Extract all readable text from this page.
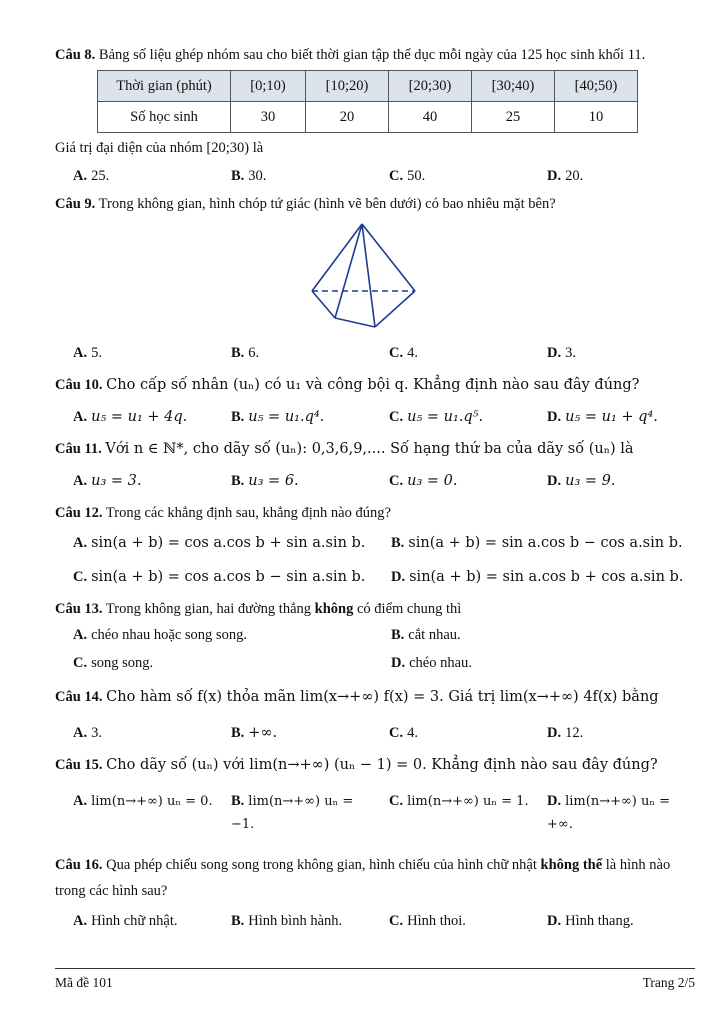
Câu 8. Bảng số liệu ghép nhóm sau cho biết thời gian tập thể dục mỗi ngày của 125 học sinh khối 11.
Thời gian (phút)	[0;10)	[10;20)	[20;30)	[30;40)	[40;50)
Số học sinh	30	20	40	25	10
Giá trị đại diện của nhóm [20;30) là
A. 25.	B. 30.	C. 50.	D. 20.
Câu 9. Trong không gian, hình chóp tứ giác (hình vẽ bên dưới) có bao nhiêu mặt bên?
A. 5.	B. 6.	C. 4.	D. 3.
Câu 10. Cho cấp số nhân (uₙ) có u₁ và công bội q. Khẳng định nào sau đây đúng?
A. u₅ = u₁ + 4q.	B. u₅ = u₁.q⁴.	C. u₅ = u₁.q⁵.	D. u₅ = u₁ + q⁴.
Câu 11. Với n ∈ ℕ*, cho dãy số (uₙ): 0,3,6,9,.... Số hạng thứ ba của dãy số (uₙ) là
A. u₃ = 3.	B. u₃ = 6.	C. u₃ = 0.	D. u₃ = 9.
Câu 12. Trong các khẳng định sau, khẳng định nào đúng?
A. sin(a + b) = cos a.cos b + sin a.sin b.	B. sin(a + b) = sin a.cos b − cos a.sin b.
C. sin(a + b) = cos a.cos b − sin a.sin b.	D. sin(a + b) = sin a.cos b + cos a.sin b.
Câu 13. Trong không gian, hai đường thẳng không có điểm chung thì
A. chéo nhau hoặc song song.	B. cắt nhau.
C. song song.	D. chéo nhau.
Câu 14. Cho hàm số f(x) thỏa mãn lim(x→+∞) f(x) = 3. Giá trị lim(x→+∞) 4f(x) bằng
A. 3.	B. +∞.	C. 4.	D. 12.
Câu 15. Cho dãy số (uₙ) với lim(n→+∞) (uₙ − 1) = 0. Khẳng định nào sau đây đúng?
A. lim(n→+∞) uₙ = 0.	B. lim(n→+∞) uₙ = −1.
C. lim(n→+∞) uₙ = 1.	D. lim(n→+∞) uₙ = +∞.
Câu 16. Qua phép chiếu song song trong không gian, hình chiếu của hình chữ nhật không thể là hình nào trong các hình sau?
A. Hình chữ nhật.	B. Hình bình hành.	C. Hình thoi.	D. Hình thang.
Mã đề 101	Trang 2/5
